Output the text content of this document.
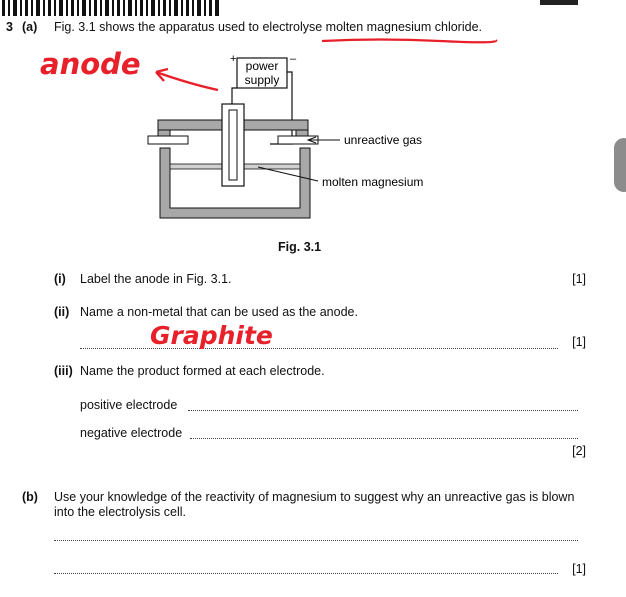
3 (a) Fig. 3.1 shows the apparatus used to electrolyse molten magnesium chloride.
anode	power
supply
+	–
unreactive gas
molten magnesium
Fig. 3.1
(i) Label the anode in Fig. 3.1.	[1]
(ii) Name a non-metal that can be used as the anode.
Graphite	[1]
(iii) Name the product formed at each electrode.
positive electrode
negative electrode
[2]
(b) Use your knowledge of the reactivity of magnesium to suggest why an unreactive gas is blown
into the electrolysis cell.
[1]
